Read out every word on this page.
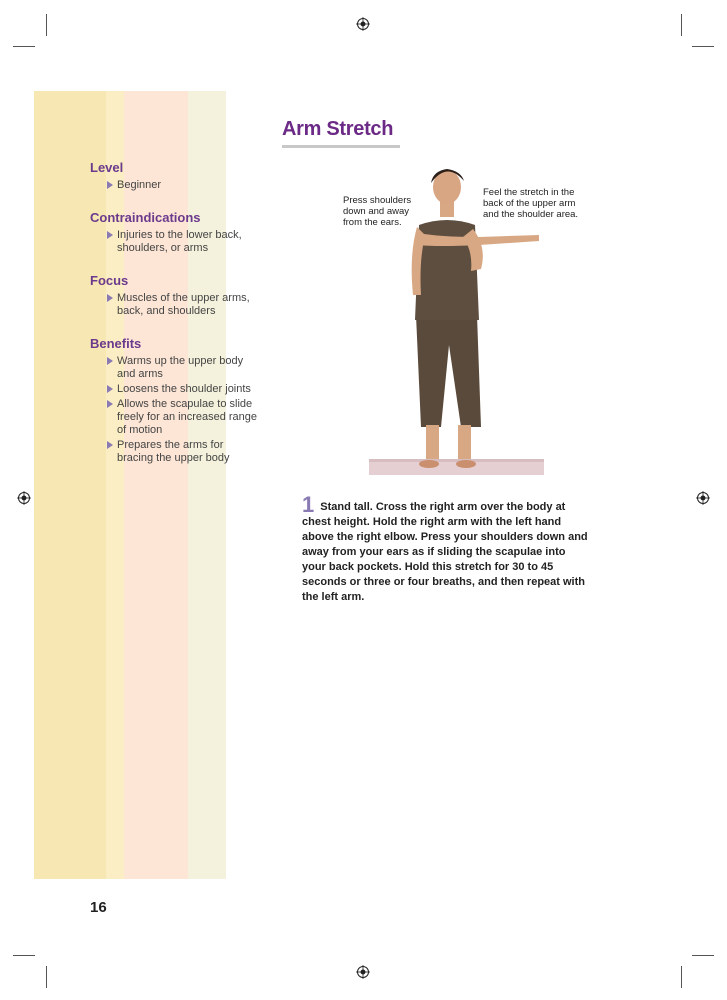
Level
Beginner
Contraindications
Injuries to the lower back, shoulders, or arms
Focus
Muscles of the upper arms, back, and shoulders
Benefits
Warms up the upper body and arms
Loosens the shoulder joints
Allows the scapulae to slide freely for an increased range of motion
Prepares the arms for bracing the upper body
Arm Stretch
Press shoulders
down and away
from the ears.
Feel the stretch in the
back of the upper arm
and the shoulder area.
1 Stand tall. Cross the right arm over the body at chest height. Hold the right arm with the left hand above the right elbow. Press your shoulders down and away from your ears as if sliding the scapulae into your back pockets. Hold this stretch for 30 to 45 seconds or three or four breaths, and then repeat with the left arm.
16
